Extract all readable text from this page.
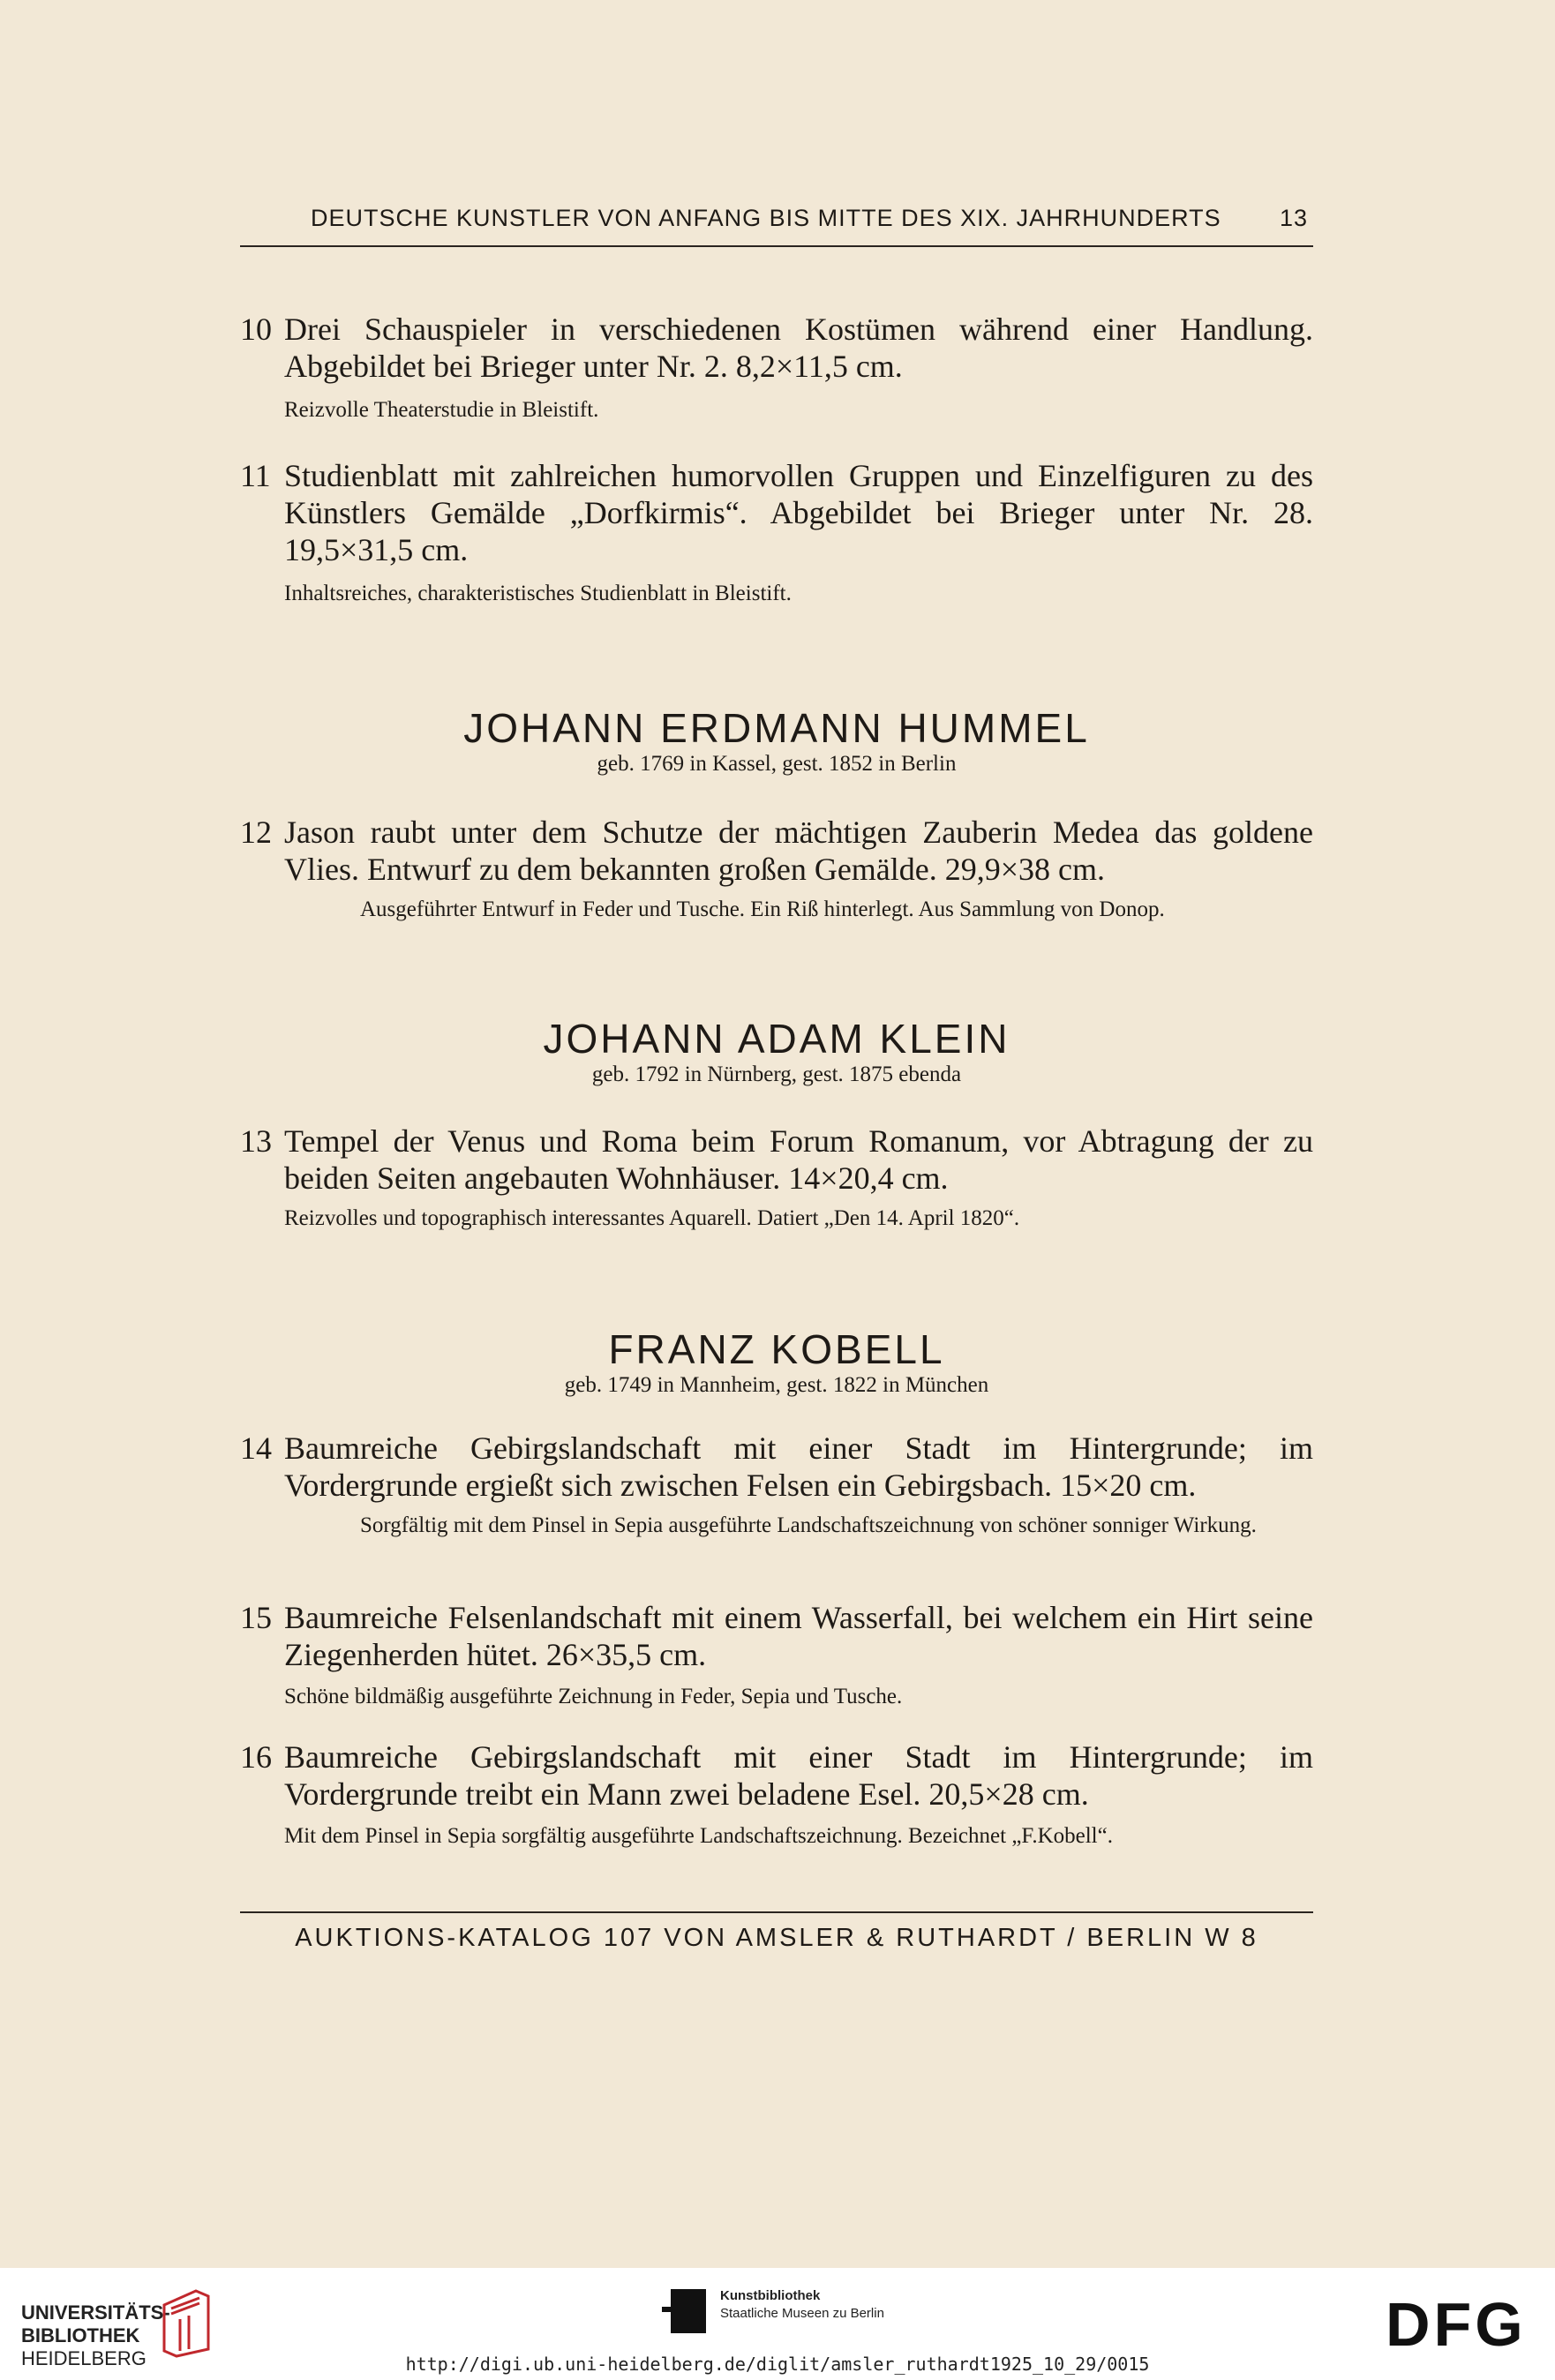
DEUTSCHE KUNSTLER VON ANFANG BIS MITTE DES XIX. JAHRHUNDERTS 13
10 Drei Schauspieler in verschiedenen Kostümen während einer Handlung. Abgebildet bei Brieger unter Nr. 2. 8,2×11,5 cm.
Reizvolle Theaterstudie in Bleistift.
11 Studienblatt mit zahlreichen humorvollen Gruppen und Einzelfiguren zu des Künstlers Gemälde „Dorfkirmis“. Abgebildet bei Brieger unter Nr. 28. 19,5×31,5 cm.
Inhaltsreiches, charakteristisches Studienblatt in Bleistift.
JOHANN ERDMANN HUMMEL
geb. 1769 in Kassel, gest. 1852 in Berlin
12 Jason raubt unter dem Schutze der mächtigen Zauberin Medea das goldene Vlies. Entwurf zu dem bekannten großen Gemälde. 29,9×38 cm.
Ausgeführter Entwurf in Feder und Tusche. Ein Riß hinterlegt. Aus Sammlung von Donop.
JOHANN ADAM KLEIN
geb. 1792 in Nürnberg, gest. 1875 ebenda
13 Tempel der Venus und Roma beim Forum Romanum, vor Abtragung der zu beiden Seiten angebauten Wohnhäuser. 14×20,4 cm.
Reizvolles und topographisch interessantes Aquarell. Datiert „Den 14. April 1820“.
FRANZ KOBELL
geb. 1749 in Mannheim, gest. 1822 in München
14 Baumreiche Gebirgslandschaft mit einer Stadt im Hintergrunde; im Vordergrunde ergießt sich zwischen Felsen ein Gebirgsbach. 15×20 cm.
Sorgfältig mit dem Pinsel in Sepia ausgeführte Landschaftszeichnung von schöner sonniger Wirkung.
15 Baumreiche Felsenlandschaft mit einem Wasserfall, bei welchem ein Hirt seine Ziegenherden hütet. 26×35,5 cm.
Schöne bildmäßig ausgeführte Zeichnung in Feder, Sepia und Tusche.
16 Baumreiche Gebirgslandschaft mit einer Stadt im Hintergrunde; im Vordergrunde treibt ein Mann zwei beladene Esel. 20,5×28 cm.
Mit dem Pinsel in Sepia sorgfältig ausgeführte Landschaftszeichnung. Bezeichnet „F.Kobell“.
AUKTIONS-KATALOG 107 VON AMSLER & RUTHARDT / BERLIN W 8
UNIVERSITÄTS-
BIBLIOTHEK
HEIDELBERG
Kunstbibliothek
Staatliche Museen zu Berlin	DFG
http://digi.ub.uni-heidelberg.de/diglit/amsler_ruthardt1925_10_29/0015
